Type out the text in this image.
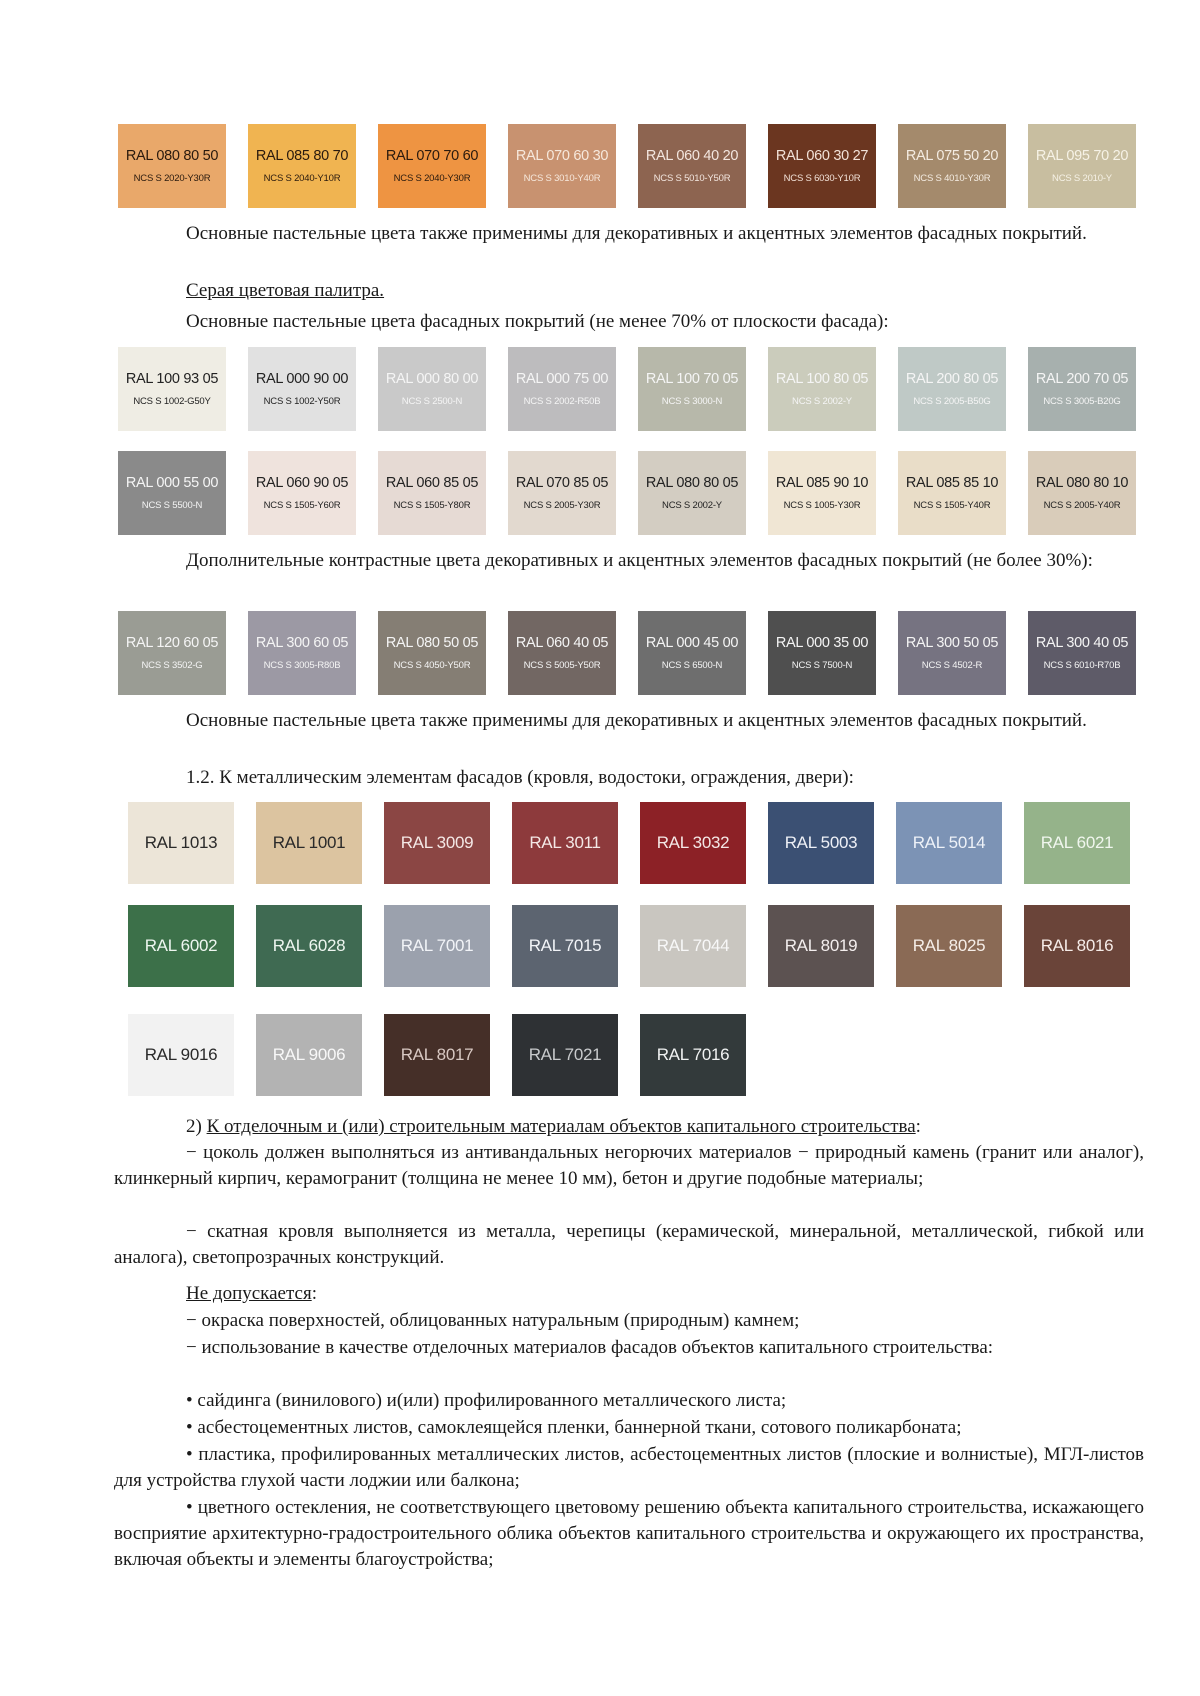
RAL 080 80 50
NCS S 2020-Y30R
RAL 085 80 70
NCS S 2040-Y10R
RAL 070 70 60
NCS S 2040-Y30R
RAL 070 60 30
NCS S 3010-Y40R
RAL 060 40 20
NCS S 5010-Y50R
RAL 060 30 27
NCS S 6030-Y10R
RAL 075 50 20
NCS S 4010-Y30R
RAL 095 70 20
NCS S 2010-Y

Основные пастельные цвета также применимы для декоративных и акцентных элементов фасадных покрытий.

Серая цветовая палитра.

Основные пастельные цвета фасадных покрытий (не менее 70% от плоскости фасада):

RAL 100 93 05
NCS S 1002-G50Y
RAL 000 90 00
NCS S 1002-Y50R
RAL 000 80 00
NCS S 2500-N
RAL 000 75 00
NCS S 2002-R50B
RAL 100 70 05
NCS S 3000-N
RAL 100 80 05
NCS S 2002-Y
RAL 200 80 05
NCS S 2005-B50G
RAL 200 70 05
NCS S 3005-B20G
RAL 000 55 00
NCS S 5500-N
RAL 060 90 05
NCS S 1505-Y60R
RAL 060 85 05
NCS S 1505-Y80R
RAL 070 85 05
NCS S 2005-Y30R
RAL 080 80 05
NCS S 2002-Y
RAL 085 90 10
NCS S 1005-Y30R
RAL 085 85 10
NCS S 1505-Y40R
RAL 080 80 10
NCS S 2005-Y40R

Дополнительные контрастные цвета декоративных и акцентных элементов фасадных покрытий (не более 30%):

RAL 120 60 05
NCS S 3502-G
RAL 300 60 05
NCS S 3005-R80B
RAL 080 50 05
NCS S 4050-Y50R
RAL 060 40 05
NCS S 5005-Y50R
RAL 000 45 00
NCS S 6500-N
RAL 000 35 00
NCS S 7500-N
RAL 300 50 05
NCS S 4502-R
RAL 300 40 05
NCS S 6010-R70B

Основные пастельные цвета также применимы для декоративных и акцентных элементов фасадных покрытий.

1.2. К металлическим элементам фасадов (кровля, водостоки, ограждения, двери):

RAL 1013	RAL 1001	RAL 3009	RAL 3011	RAL 3032	RAL 5003	RAL 5014	RAL 6021
RAL 6002	RAL 6028	RAL 7001	RAL 7015	RAL 7044	RAL 8019	RAL 8025	RAL 8016
RAL 9016	RAL 9006	RAL 8017	RAL 7021	RAL 7016

2) К отделочным и (или) строительным материалам объектов капитального строительства:

− цоколь должен выполняться из антивандальных негорючих материалов − природный камень (гранит или аналог), клинкерный кирпич, керамогранит (толщина не менее 10 мм), бетон и другие подобные материалы;

− скатная кровля выполняется из металла, черепицы (керамической, минеральной, металлической, гибкой или аналога), светопрозрачных конструкций.

Не допускается:

− окраска поверхностей, облицованных натуральным (природным) камнем;

− использование в качестве отделочных материалов фасадов объектов капитального строительства:

• сайдинга (винилового) и(или) профилированного металлического листа;

• асбестоцементных листов, самоклеящейся пленки, баннерной ткани, сотового поликарбоната;

• пластика, профилированных металлических листов, асбестоцементных листов (плоские и волнистые), МГЛ-листов для устройства глухой части лоджии или балкона;

• цветного остекления, не соответствующего цветовому решению объекта капитального строительства, искажающего восприятие архитектурно-градостроительного облика объектов капитального строительства и окружающего их пространства, включая объекты и элементы благоустройства;
